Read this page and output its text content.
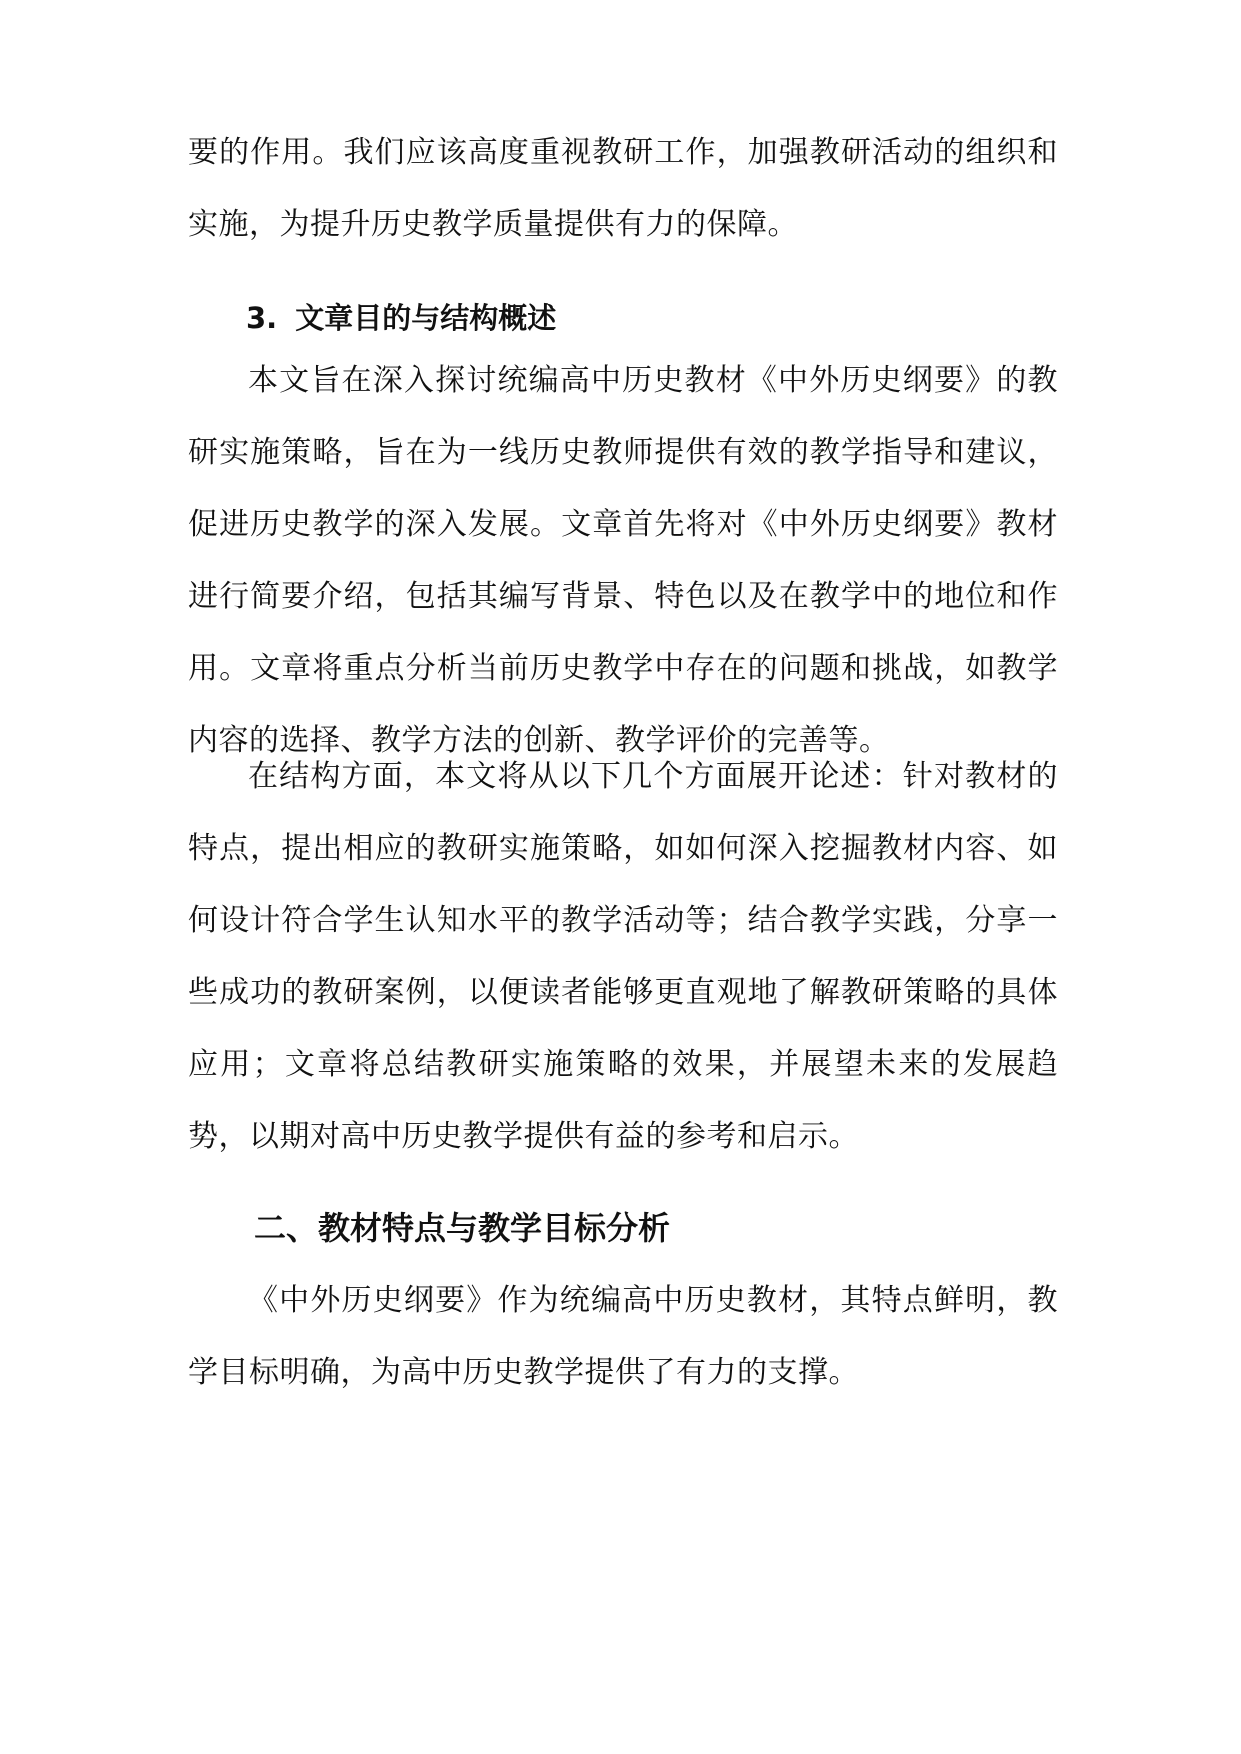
要的作用。我们应该高度重视教研工作，加强教研活动的组织和实施，为提升历史教学质量提供有力的保障。

3. 文章目的与结构概述

本文旨在深入探讨统编高中历史教材《中外历史纲要》的教研实施策略，旨在为一线历史教师提供有效的教学指导和建议，促进历史教学的深入发展。文章首先将对《中外历史纲要》教材进行简要介绍，包括其编写背景、特色以及在教学中的地位和作用。文章将重点分析当前历史教学中存在的问题和挑战，如教学内容的选择、教学方法的创新、教学评价的完善等。

在结构方面，本文将从以下几个方面展开论述：针对教材的特点，提出相应的教研实施策略，如如何深入挖掘教材内容、如何设计符合学生认知水平的教学活动等；结合教学实践，分享一些成功的教研案例，以便读者能够更直观地了解教研策略的具体应用；文章将总结教研实施策略的效果，并展望未来的发展趋势，以期对高中历史教学提供有益的参考和启示。

二、教材特点与教学目标分析

《中外历史纲要》作为统编高中历史教材，其特点鲜明，教学目标明确，为高中历史教学提供了有力的支撑。
